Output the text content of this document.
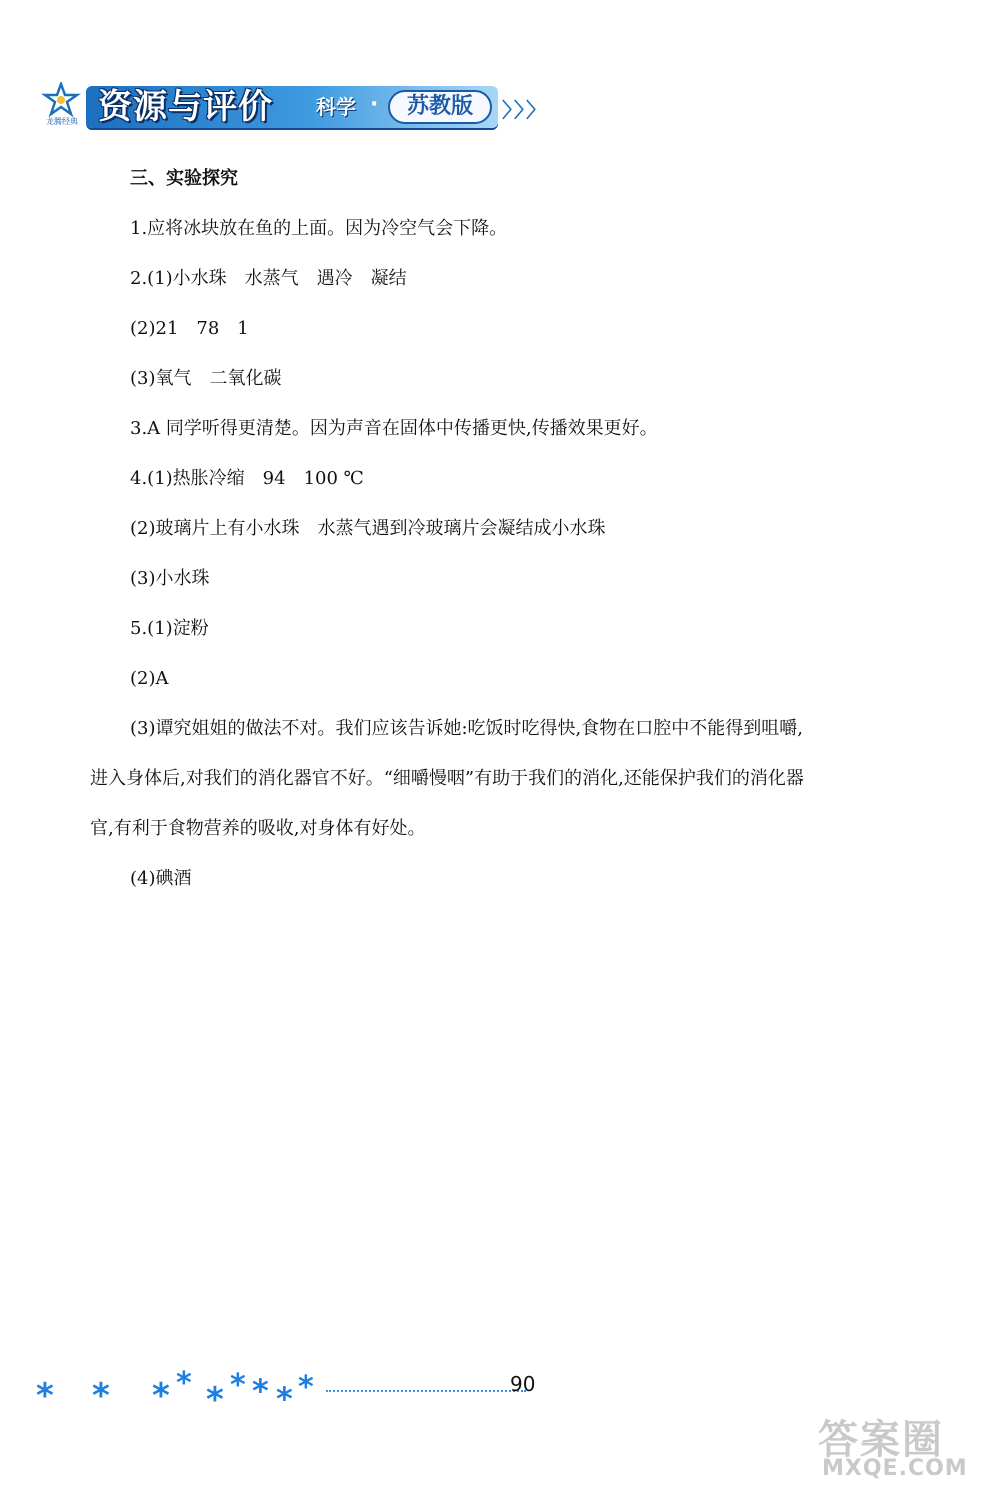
龙腾经典 资源与评价 科学 ·	苏教版	〉〉〉
三、实验探究
1.应将冰块放在鱼的上面。因为冷空气会下降。
2.(1)小水珠　水蒸气　遇冷　凝结
(2)21　78　1
(3)氧气　二氧化碳
3.A 同学听得更清楚。因为声音在固体中传播更快,传播效果更好。
4.(1)热胀冷缩　94　100 ℃
(2)玻璃片上有小水珠　水蒸气遇到冷玻璃片会凝结成小水珠
(3)小水珠
5.(1)淀粉
(2)A
(3)谭究姐姐的做法不对。我们应该告诉她:吃饭时吃得快,食物在口腔中不能得到咀嚼,
进入身体后,对我们的消化器官不好。“细嚼慢咽”有助于我们的消化,还能保护我们的消化器
官,有利于食物营养的吸收,对身体有好处。
(4)碘酒
* * * * * * * * *	90
答案圈
MXQE.COM
